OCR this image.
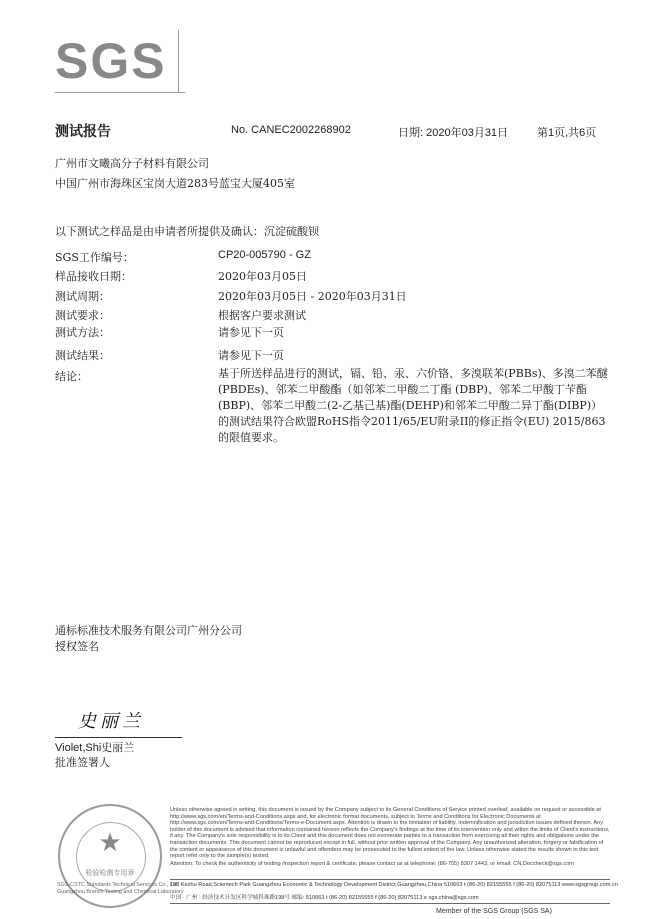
SGS
测试报告	No. CANEC2002268902	日期: 2020年03月31日	第1页,共6页
广州市文曦高分子材料有限公司
中国广州市海珠区宝岗大道283号蓝宝大厦405室
以下测试之样品是由申请者所提供及确认：沉淀硫酸钡
SGS工作编号：	CP20-005790 - GZ
样品接收日期：	2020年03月05日
测试周期：	2020年03月05日 - 2020年03月31日
测试要求：	根据客户要求测试
测试方法：	请参见下一页
测试结果：	请参见下一页
结论：	基于所送样品进行的测试，镉、铅、汞、六价铬、多溴联苯(PBBs)、多溴二苯醚(PBDEs)、邻苯二甲酸酯（如邻苯二甲酸二丁酯 (DBP)、邻苯二甲酸丁苄酯(BBP)、邻苯二甲酸二(2-乙基己基)酯(DEHP)和邻苯二甲酸二异丁酯(DIBP)）的测试结果符合欧盟RoHS指令2011/65/EU附录II的修正指令(EU) 2015/863的限值要求。
通标标准技术服务有限公司广州分公司
授权签名
史丽兰
Violet,Shi史丽兰
批准签署人
★
检验检测专用章
SGS-CSTC Standards Technical Services Co., Ltd.
Guangzhou Branch Testing and Chemical Laboratory
Unless otherwise agreed in writing, this document is issued by the Company subject to its General Conditions of Service printed overleaf, available on request or accessible at http://www.sgs.com/en/Terms-and-Conditions.aspx and, for electronic format documents, subject to Terms and Conditions for Electronic Documents at http://www.sgs.com/en/Terms-and-Conditions/Terms-e-Document.aspx. Attention is drawn to the limitation of liability, indemnification and jurisdiction issues defined therein. Any holder of this document is advised that information contained hereon reflects the Company's findings at the time of its intervention only and within the limits of Client's instructions, if any. The Company's sole responsibility is to its Client and this document does not exonerate parties to a transaction from exercising all their rights and obligations under the transaction documents. This document cannot be reproduced except in full, without prior written approval of the Company. Any unauthorized alteration, forgery or falsification of the content or appearance of this document is unlawful and offenders may be prosecuted to the fullest extent of the law. Unless otherwise stated the results shown in this test report refer only to the sample(s) tested.
Attention: To check the authenticity of testing /inspection report & certificate, please contact us at telephone: (86-755) 8307 1443, or email: CN.Doccheck@sgs.com
198 Kezhu Road,Scientech Park Guangzhou Economic & Technology Development District,Guangzhou,China 510663 t (86-20) 82155555 f (86-20) 82075113 www.sgsgroup.com.cn
中国 · 广州 · 经济技术开发区科学城科珠路198号 邮编: 510663 t (86-20) 82155555 f (86-20) 82075113 e sgs.china@sgs.com
Member of the SGS Group (SGS SA)
